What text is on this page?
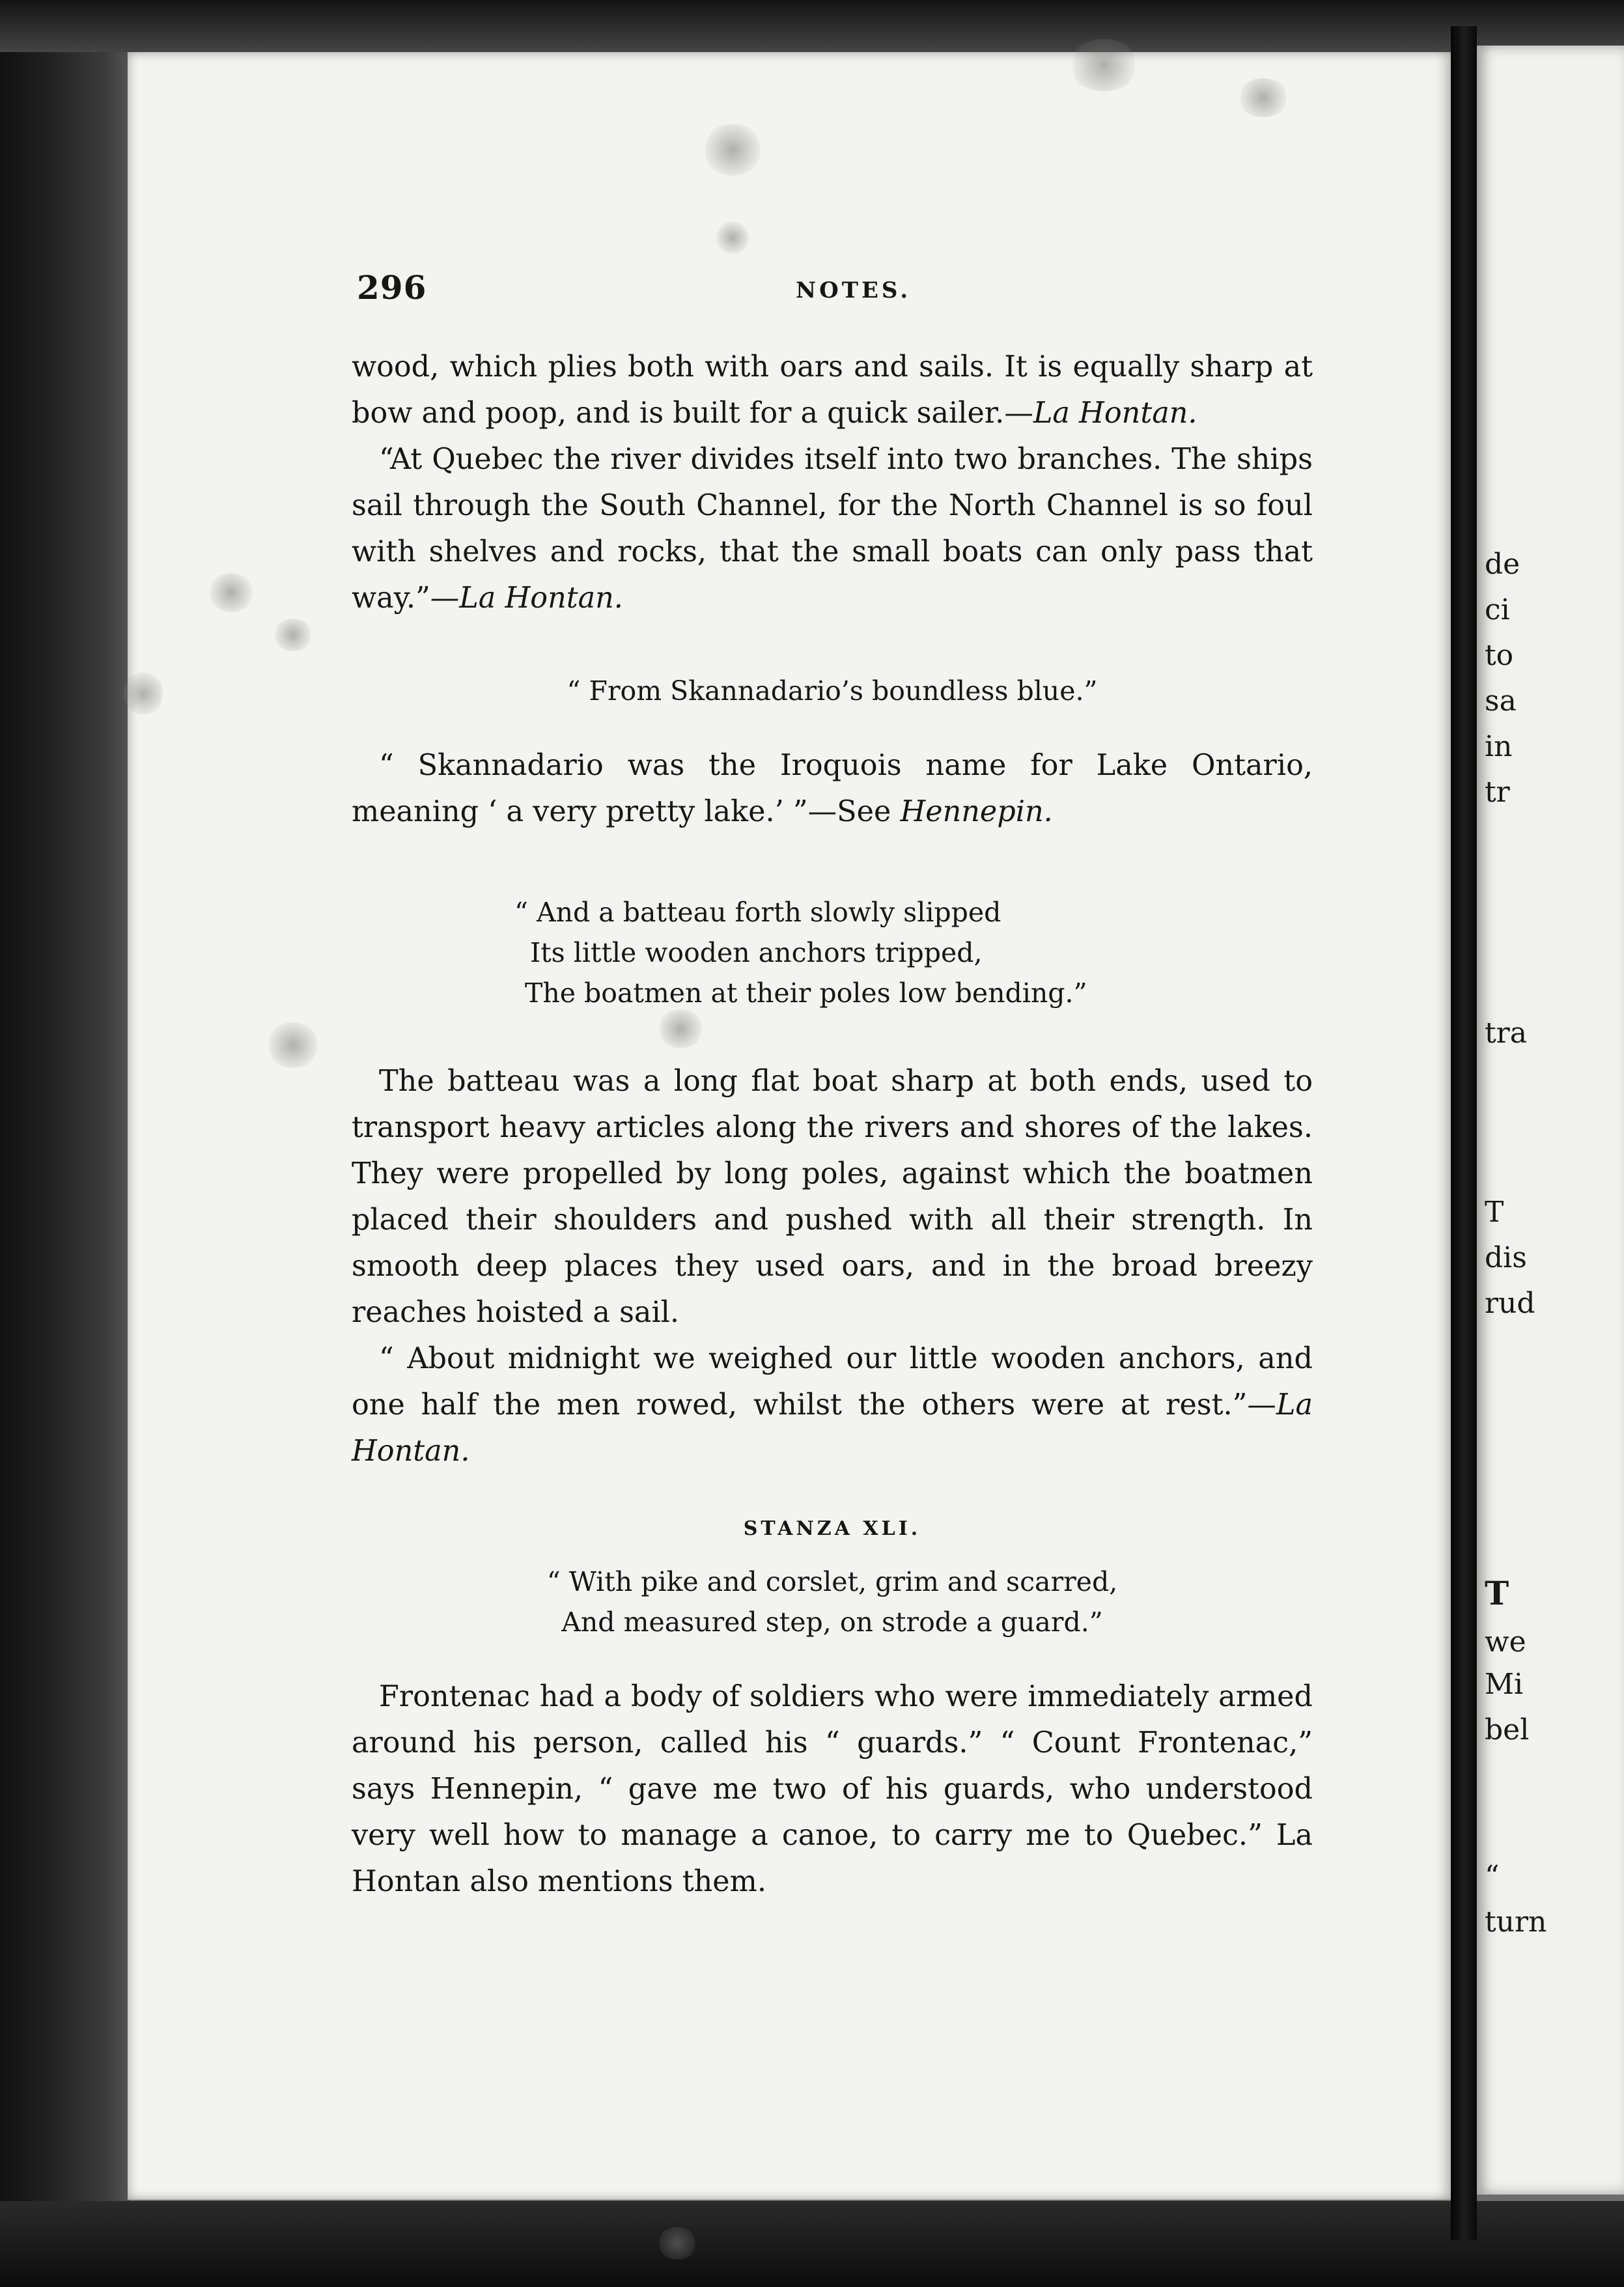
de
ci
to
sa
in
tr
tra
T
dis
rud
T
we
Mi
bel
“
turn
296	NOTES.

wood, which plies both with oars and sails. It is equally sharp at bow and poop, and is built for a quick sailer.—La Hontan.

“At Quebec the river divides itself into two branches. The ships sail through the South Channel, for the North Channel is so foul with shelves and rocks, that the small boats can only pass that way.”—La Hontan.

“ From Skannadario’s boundless blue.”

“ Skannadario was the Iroquois name for Lake Ontario, meaning ‘ a very pretty lake.’ ”—See Hennepin.

“ And a batteau forth slowly slipped
Its little wooden anchors tripped,
The boatmen at their poles low bending.”

The batteau was a long flat boat sharp at both ends, used to transport heavy articles along the rivers and shores of the lakes. They were propelled by long poles, against which the boatmen placed their shoulders and pushed with all their strength. In smooth deep places they used oars, and in the broad breezy reaches hoisted a sail.

“ About midnight we weighed our little wooden anchors, and one half the men rowed, whilst the others were at rest.”—La Hontan.

STANZA XLI.
“ With pike and corslet, grim and scarred,
And measured step, on strode a guard.”

Frontenac had a body of soldiers who were immediately armed around his person, called his “ guards.” “ Count Frontenac,” says Hennepin, “ gave me two of his guards, who understood very well how to manage a canoe, to carry me to Quebec.” La Hontan also mentions them.
